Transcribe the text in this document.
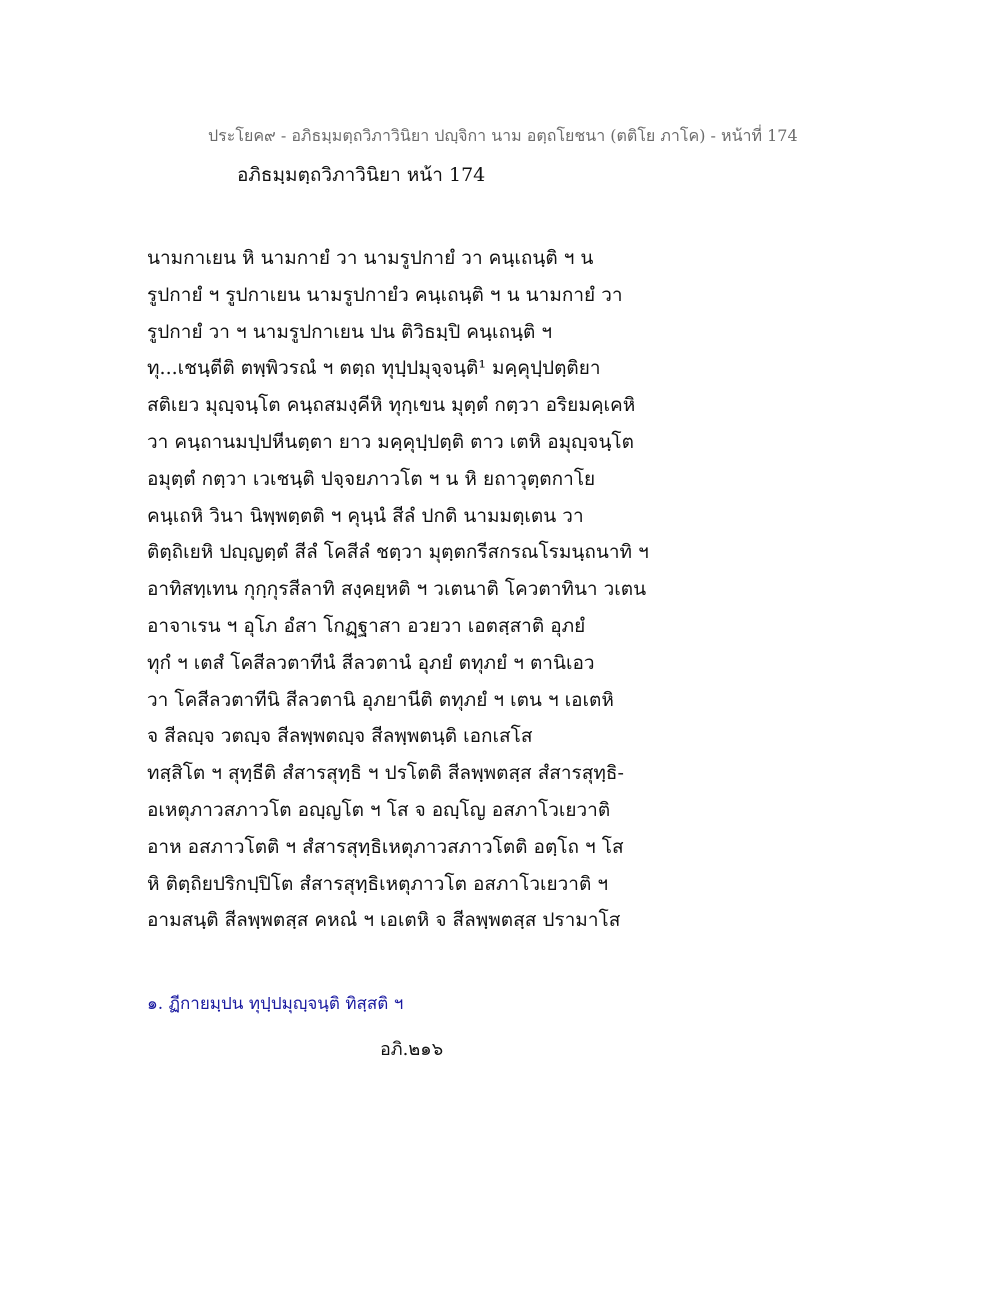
ประโยค๙ - อภิธมฺมตฺถวิภาวินิยา ปญฺจิกา นาม อตฺถโยชนา (ตติโย ภาโค) - หน้าที่ 174
อภิธมฺมตฺถวิภาวินิยา หน้า 174
นามกาเยน หิ นามกายํ วา นามรูปกายํ วา คนฺเถนฺติ ฯ น
รูปกายํ ฯ รูปกาเยน นามรูปกายํว คนฺเถนฺติ ฯ น นามกายํ วา
รูปกายํ วา ฯ นามรูปกาเยน ปน ติวิธมฺปิ คนฺเถนฺติ ฯ
ทุ...เชนฺตีติ ตพฺพิวรณํ ฯ ตตฺถ ทุปฺปมุจฺจนฺติ¹ มคฺคุปฺปตฺติยา
สติเยว มุญฺจนฺโต คนฺถสมงฺคีหิ ทุกฺเขน มุตฺตํ กตฺวา อริยมคฺเคหิ
วา คนฺถานมปฺปหีนตฺตา ยาว มคฺคุปฺปตฺติ ตาว เตหิ อมุญฺจนฺโต
อมุตฺตํ กตฺวา เวเชนฺติ ปจฺจยภาวโต ฯ น หิ ยถาวุตฺตกาโย
คนฺเถหิ วินา นิพฺพตฺตติ ฯ คุนฺนํ สีลํ ปกติ นามมตฺเตน วา
ติตฺถิเยหิ ปญฺญตฺตํ สีลํ โคสีลํ ชตฺวา มุตฺตกรีสกรณโรมนฺถนาทิ ฯ
อาทิสทฺเทน กุกฺกุรสีลาทิ สงฺคยฺหติ ฯ วเตนาติ โควตาทินา วเตน
อาจาเรน ฯ อุโภ อํสา โกฏฺฐาสา อวยวา เอตสฺสาติ อุภยํ
ทุกํ ฯ เตสํ โคสีลวตาทีนํ สีลวตานํ อุภยํ ตทุภยํ ฯ ตานิเอว
วา โคสีลวตาทีนิ สีลวตานิ อุภยานีติ ตทุภยํ ฯ เตน ฯ เอเตหิ
จ สีลญฺจ วตญฺจ สีลพฺพตญฺจ สีลพฺพตนฺติ เอกเสโส
ทสฺสิโต ฯ สุทฺธีติ สํสารสุทฺธิ ฯ ปรโตติ สีลพฺพตสฺส สํสารสุทฺธิ-
อเหตุภาวสภาวโต อญฺญโต ฯ โส จ อญฺโญ อสภาโวเยวาติ
อาห อสภาวโตติ ฯ สํสารสุทฺธิเหตุภาวสภาวโตติ อตฺโถ ฯ โส
หิ ติตฺถิยปริกปฺปิโต สํสารสุทฺธิเหตุภาวโต อสภาโวเยวาติ ฯ
อามสนฺติ สีลพฺพตสฺส คหณํ ฯ เอเตหิ จ สีลพฺพตสฺส ปรามาโส
๑. ฏีกายมฺปน ทุปฺปมุญฺจนฺติ ทิสฺสติ ฯ
อภิ.๒๑๖
